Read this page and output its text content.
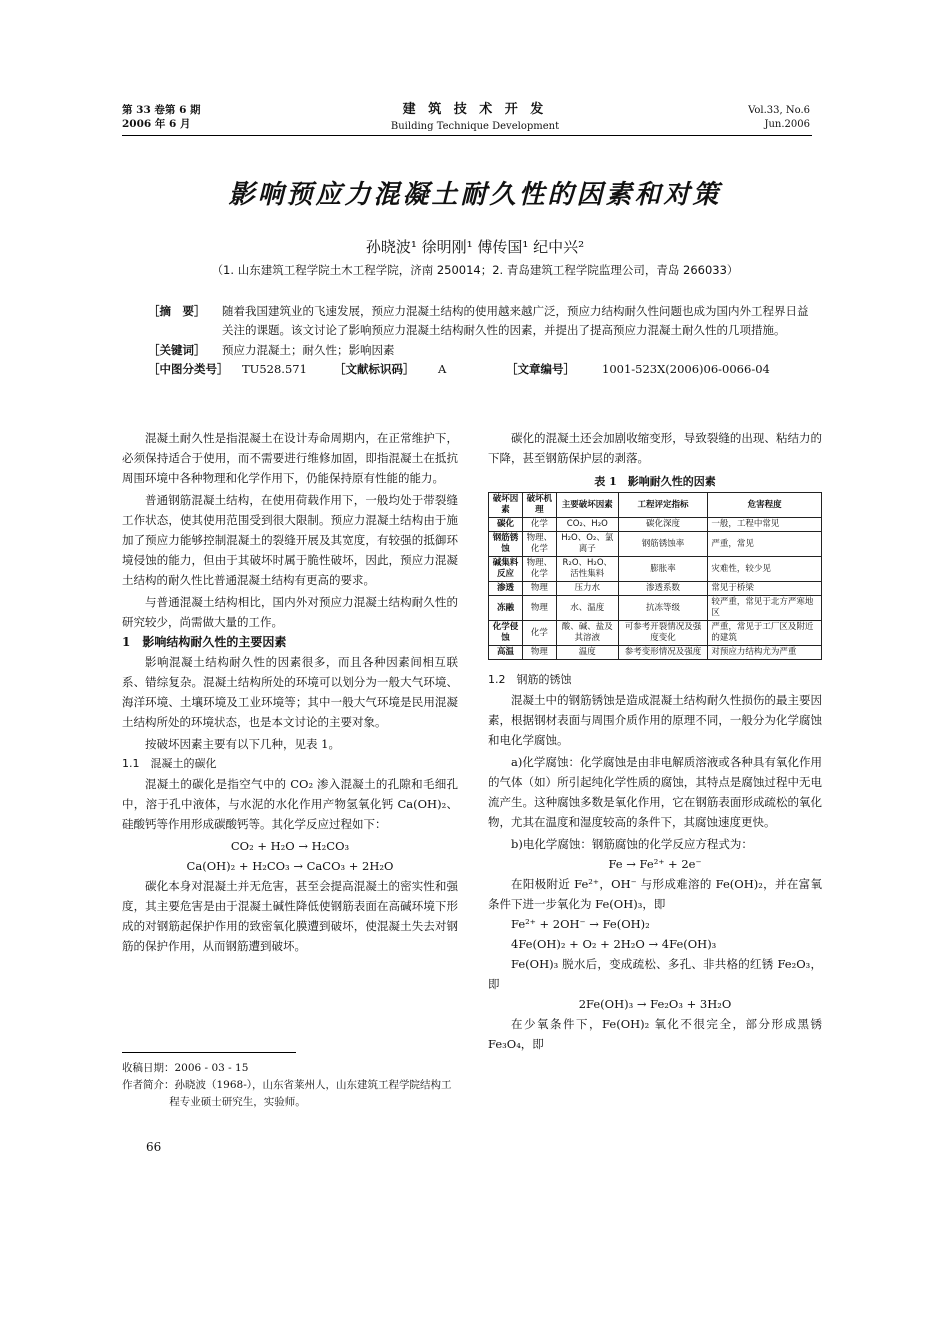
第 33 卷第 6 期
2006 年 6 月
建 筑 技 术 开 发
Building Technique Development
Vol.33, No.6
Jun.2006
影响预应力混凝土耐久性的因素和对策
孙晓波¹ 徐明刚¹ 傅传国¹ 纪中兴²
（1. 山东建筑工程学院土木工程学院，济南 250014；2. 青岛建筑工程学院监理公司，青岛 266033）
［摘　要］	随着我国建筑业的飞速发展，预应力混凝土结构的使用越来越广泛，预应力结构耐久性问题也成为国内外工程界日益关注的课题。该文讨论了影响预应力混凝土结构耐久性的因素，并提出了提高预应力混凝土耐久性的几项措施。
［关键词］	预应力混凝土；耐久性；影响因素
［中图分类号］ TU528.571 ［文献标识码］ A	［文章编号］ 1001-523X(2006)06-0066-04

混凝土耐久性是指混凝土在设计寿命周期内，在正常维护下，必须保持适合于使用，而不需要进行维修加固，即指混凝土在抵抗周围环境中各种物理和化学作用下，仍能保持原有性能的能力。

普通钢筋混凝土结构，在使用荷载作用下，一般均处于带裂缝工作状态，使其使用范围受到很大限制。预应力混凝土结构由于施加了预应力能够控制混凝土的裂缝开展及其宽度，有较强的抵御环境侵蚀的能力，但由于其破坏时属于脆性破坏，因此，预应力混凝土结构的耐久性比普通混凝土结构有更高的要求。

与普通混凝土结构相比，国内外对预应力混凝土结构耐久性的研究较少，尚需做大量的工作。

1　影响结构耐久性的主要因素

影响混凝土结构耐久性的因素很多，而且各种因素间相互联系、错综复杂。混凝土结构所处的环境可以划分为一般大气环境、海洋环境、土壤环境及工业环境等；其中一般大气环境是民用混凝土结构所处的环境状态，也是本文讨论的主要对象。

按破坏因素主要有以下几种，见表 1。

1.1　混凝土的碳化

混凝土的碳化是指空气中的 CO₂ 渗入混凝土的孔隙和毛细孔中，溶于孔中液体，与水泥的水化作用产物氢氧化钙 Ca(OH)₂、硅酸钙等作用形成碳酸钙等。其化学反应过程如下：

CO₂ + H₂O → H₂CO₃

Ca(OH)₂ + H₂CO₃ → CaCO₃ + 2H₂O

碳化本身对混凝土并无危害，甚至会提高混凝土的密实性和强度，其主要危害是由于混凝土碱性降低使钢筋表面在高碱环境下形成的对钢筋起保护作用的致密氧化膜遭到破坏，使混凝土失去对钢筋的保护作用，从而钢筋遭到破坏。

收稿日期：2006 - 03 - 15

作者简介：孙晓波（1968-），山东省莱州人，山东建筑工程学院结构工程专业硕士研究生，实验师。

66

碳化的混凝土还会加剧收缩变形，导致裂缝的出现、粘结力的下降，甚至钢筋保护层的剥落。

表 1　影响耐久性的因素

破坏因素	破坏机理	主要破坏因素	工程评定指标	危害程度
碳化	化学	CO₂、H₂O	碳化深度	一般，工程中常见
钢筋锈蚀	物理、化学	H₂O、O₂、氯离子	钢筋锈蚀率	严重，常见
碱集料反应	物理、化学	R₂O、H₂O、活性集料	膨胀率	灾难性，较少见
渗透	物理	压力水	渗透系数	常见于桥梁
冻融	物理	水、温度	抗冻等级	较严重，常见于北方严寒地区
化学侵蚀	化学	酸、碱、盐及其溶液	可参考开裂情况及强度变化	严重，常见于工厂区及附近的建筑
高温	物理	温度	参考变形情况及强度	对预应力结构尤为严重

1.2　钢筋的锈蚀

混凝土中的钢筋锈蚀是造成混凝土结构耐久性损伤的最主要因素，根据钢材表面与周围介质作用的原理不同，一般分为化学腐蚀和电化学腐蚀。

a)化学腐蚀：化学腐蚀是由非电解质溶液或各种具有氧化作用的气体（如）所引起纯化学性质的腐蚀，其特点是腐蚀过程中无电流产生。这种腐蚀多数是氧化作用，它在钢筋表面形成疏松的氧化物，尤其在温度和湿度较高的条件下，其腐蚀速度更快。

b)电化学腐蚀：钢筋腐蚀的化学反应方程式为：

Fe → Fe²⁺ + 2e⁻

在阳极附近 Fe²⁺，OH⁻ 与形成难溶的 Fe(OH)₂，并在富氧条件下进一步氧化为 Fe(OH)₃，即

Fe²⁺ + 2OH⁻ → Fe(OH)₂

4Fe(OH)₂ + O₂ + 2H₂O → 4Fe(OH)₃

Fe(OH)₃ 脱水后，变成疏松、多孔、非共格的红锈 Fe₂O₃，即

2Fe(OH)₃ → Fe₂O₃ + 3H₂O

在少氧条件下，Fe(OH)₂ 氧化不很完全，部分形成黑锈 Fe₃O₄，即
